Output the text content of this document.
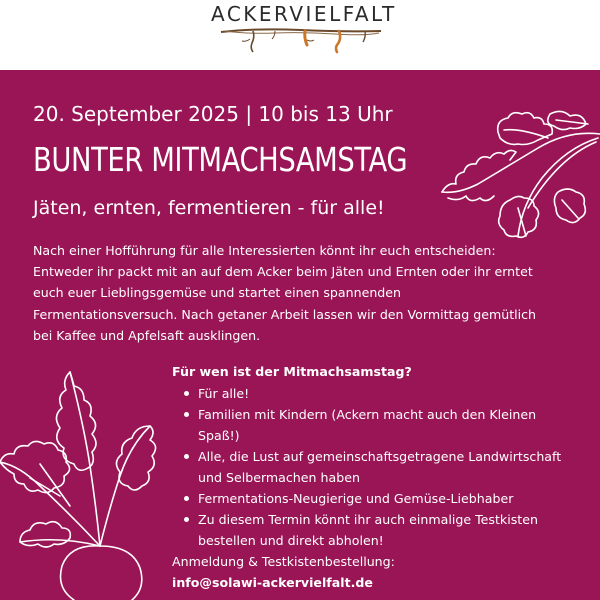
ACKERVIELFALT
20. September 2025 | 10 bis 13 Uhr
BUNTER MITMACHSAMSTAG
Jäten, ernten, fermentieren - für alle!

Nach einer Hofführung für alle Interessierten könnt ihr euch entscheiden: Entweder ihr packt mit an auf dem Acker beim Jäten und Ernten oder ihr erntet euch euer Lieblingsgemüse und startet einen spannenden Fermentationsversuch. Nach getaner Arbeit lassen wir den Vormittag gemütlich bei Kaffee und Apfelsaft ausklingen.

Für wen ist der Mitmachsamstag?
Für alle!
Familien mit Kindern (Ackern macht auch den Kleinen Spaß!)
Alle, die Lust auf gemeinschaftsgetragene Landwirtschaft und Selbermachen haben
Fermentations-Neugierige und Gemüse-Liebhaber
Zu diesem Termin könnt ihr auch einmalige Testkisten bestellen und direkt abholen!
Anmeldung & Testkistenbestellung:
info@solawi-ackervielfalt.de
